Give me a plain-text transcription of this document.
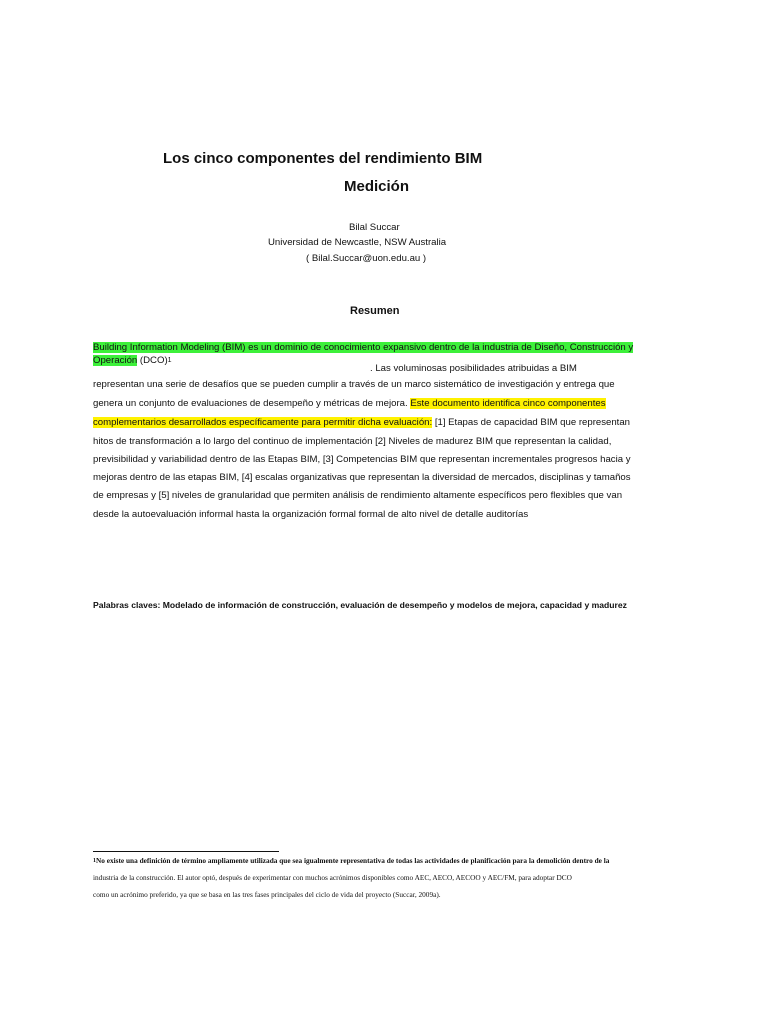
Los cinco componentes del rendimiento BIM
Medición
Bilal Succar
Universidad de Newcastle, NSW Australia
( Bilal.Succar@uon.edu.au )
Resumen
Building Information Modeling (BIM) es un dominio de conocimiento expansivo dentro de la industria de Diseño, Construcción y
Operación (DCO)1
. Las voluminosas posibilidades atribuidas a BIM
representan una serie de desafíos que se pueden cumplir a través de un marco sistemático de investigación y entrega que
genera un conjunto de evaluaciones de desempeño y métricas de mejora. Este documento identifica cinco componentes
complementarios desarrollados específicamente para permitir dicha evaluación: [1] Etapas de capacidad BIM que representan
hitos de transformación a lo largo del continuo de implementación [2] Niveles de madurez BIM que representan la calidad,
previsibilidad y variabilidad dentro de las Etapas BIM, [3] Competencias BIM que representan incrementales progresos hacia y
mejoras dentro de las etapas BIM, [4] escalas organizativas que representan la diversidad de mercados, disciplinas y tamaños
de empresas y [5] niveles de granularidad que permiten análisis de rendimiento altamente específicos pero flexibles que van
desde la autoevaluación informal hasta la organización formal formal de alto nivel de detalle auditorías
Palabras claves: Modelado de información de construcción, evaluación de desempeño y modelos de mejora, capacidad y madurez
1No existe una definición de término ampliamente utilizada que sea igualmente representativa de todas las actividades de planificación para la demolición dentro de la
industria de la construcción. El autor optó, después de experimentar con muchos acrónimos disponibles como AEC, AECO, AECOO y AEC/FM, para adoptar DCO
como un acrónimo preferido, ya que se basa en las tres fases principales del ciclo de vida del proyecto (Succar, 2009a).
